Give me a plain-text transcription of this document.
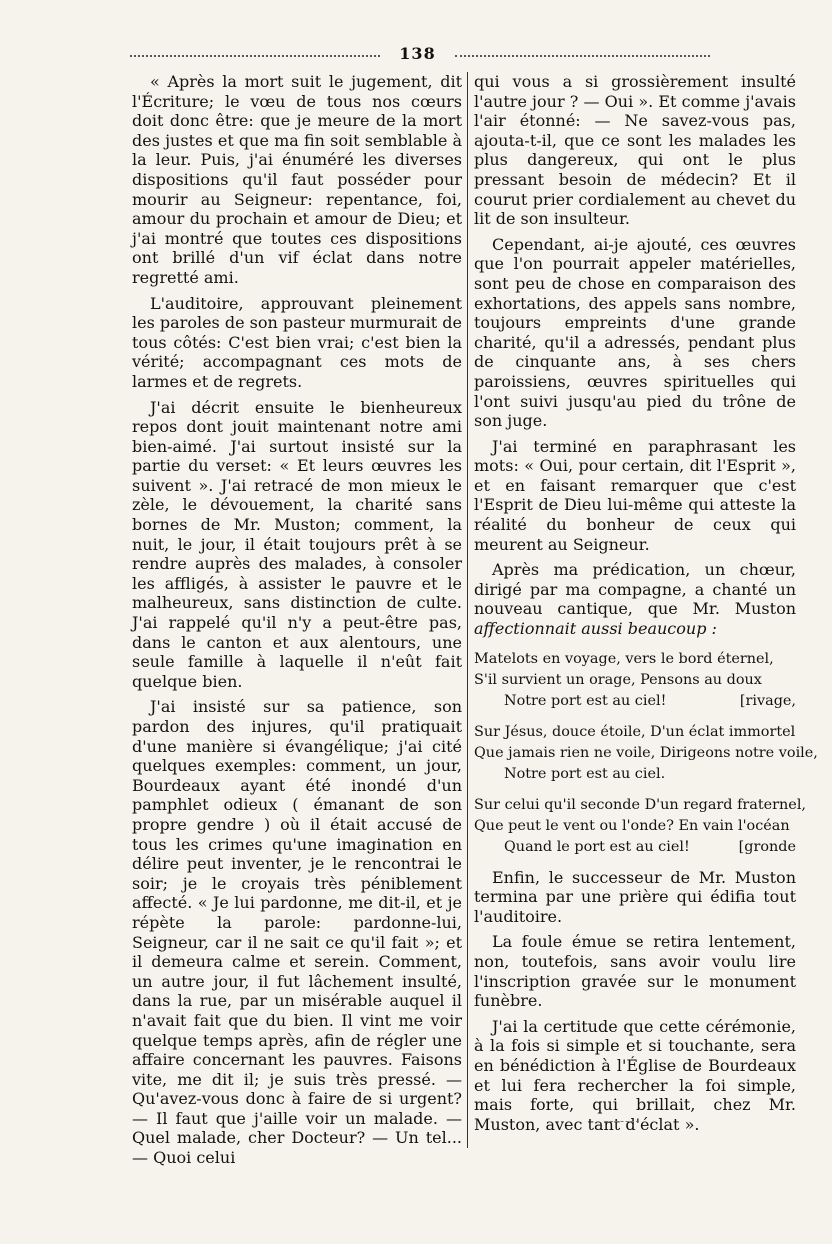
138

« Après la mort suit le jugement, dit l'Écriture; le vœu de tous nos cœurs doit donc être: que je meure de la mort des justes et que ma fin soit semblable à la leur. Puis, j'ai énuméré les diverses dispositions qu'il faut posséder pour mourir au Seigneur: repentance, foi, amour du prochain et amour de Dieu; et j'ai montré que toutes ces dispositions ont brillé d'un vif éclat dans notre regretté ami.

L'auditoire, approuvant pleinement les paroles de son pasteur murmurait de tous côtés: C'est bien vrai; c'est bien la vérité; accompagnant ces mots de larmes et de regrets.

J'ai décrit ensuite le bienheureux repos dont jouit maintenant notre ami bien-aimé. J'ai surtout insisté sur la partie du verset: « Et leurs œuvres les suivent ». J'ai retracé de mon mieux le zèle, le dévouement, la charité sans bornes de Mr. Muston; comment, la nuit, le jour, il était toujours prêt à se rendre auprès des malades, à consoler les affligés, à assister le pauvre et le malheureux, sans distinction de culte. J'ai rappelé qu'il n'y a peut-être pas, dans le canton et aux alentours, une seule famille à laquelle il n'eût fait quelque bien.

J'ai insisté sur sa patience, son pardon des injures, qu'il pratiquait d'une manière si évangélique; j'ai cité quelques exemples: comment, un jour, Bourdeaux ayant été inondé d'un pamphlet odieux ( émanant de son propre gendre ) où il était accusé de tous les crimes qu'une imagination en délire peut inventer, je le rencontrai le soir; je le croyais très péniblement affecté. « Je lui pardonne, me dit-il, et je répète la parole: pardonne-lui, Seigneur, car il ne sait ce qu'il fait »; et il demeura calme et serein. Comment, un autre jour, il fut lâchement insulté, dans la rue, par un misérable auquel il n'avait fait que du bien. Il vint me voir quelque temps après, afin de régler une affaire concernant les pauvres. Faisons vite, me dit il; je suis très pressé. — Qu'avez-vous donc à faire de si urgent? — Il faut que j'aille voir un malade. — Quel malade, cher Docteur? — Un tel... — Quoi celui

qui vous a si grossièrement insulté l'autre jour ? — Oui ». Et comme j'avais l'air étonné: — Ne savez-vous pas, ajouta-t-il, que ce sont les malades les plus dangereux, qui ont le plus pressant besoin de médecin? Et il courut prier cordialement au chevet du lit de son insulteur.

Cependant, ai-je ajouté, ces œuvres que l'on pourrait appeler matérielles, sont peu de chose en comparaison des exhortations, des appels sans nombre, toujours empreints d'une grande charité, qu'il a adressés, pendant plus de cinquante ans, à ses chers paroissiens, œuvres spirituelles qui l'ont suivi jusqu'au pied du trône de son juge.

J'ai terminé en paraphrasant les mots: « Oui, pour certain, dit l'Esprit », et en faisant remarquer que c'est l'Esprit de Dieu lui-même qui atteste la réalité du bonheur de ceux qui meurent au Seigneur.

Après ma prédication, un chœur, dirigé par ma compagne, a chanté un nouveau cantique, que Mr. Muston affectionnait aussi beaucoup :

Matelots en voyage, vers le bord éternel,
S'il survient un orage, Pensons au doux
Notre port est au ciel!	[rivage,
Sur Jésus, douce étoile, D'un éclat immortel
Que jamais rien ne voile, Dirigeons notre voile,
Notre port est au ciel.
Sur celui qu'il seconde D'un regard fraternel,
Que peut le vent ou l'onde? En vain l'océan
Quand le port est au ciel!	[gronde

Enfin, le successeur de Mr. Muston termina par une prière qui édifia tout l'auditoire.

La foule émue se retira lentement, non, toutefois, sans avoir voulu lire l'inscription gravée sur le monument funèbre.

J'ai la certitude que cette cérémonie, à la fois si simple et si touchante, sera en bénédiction à l'Église de Bourdeaux et lui fera rechercher la foi simple, mais forte, qui brillait, chez Mr. Muston, avec tant d'éclat ».
